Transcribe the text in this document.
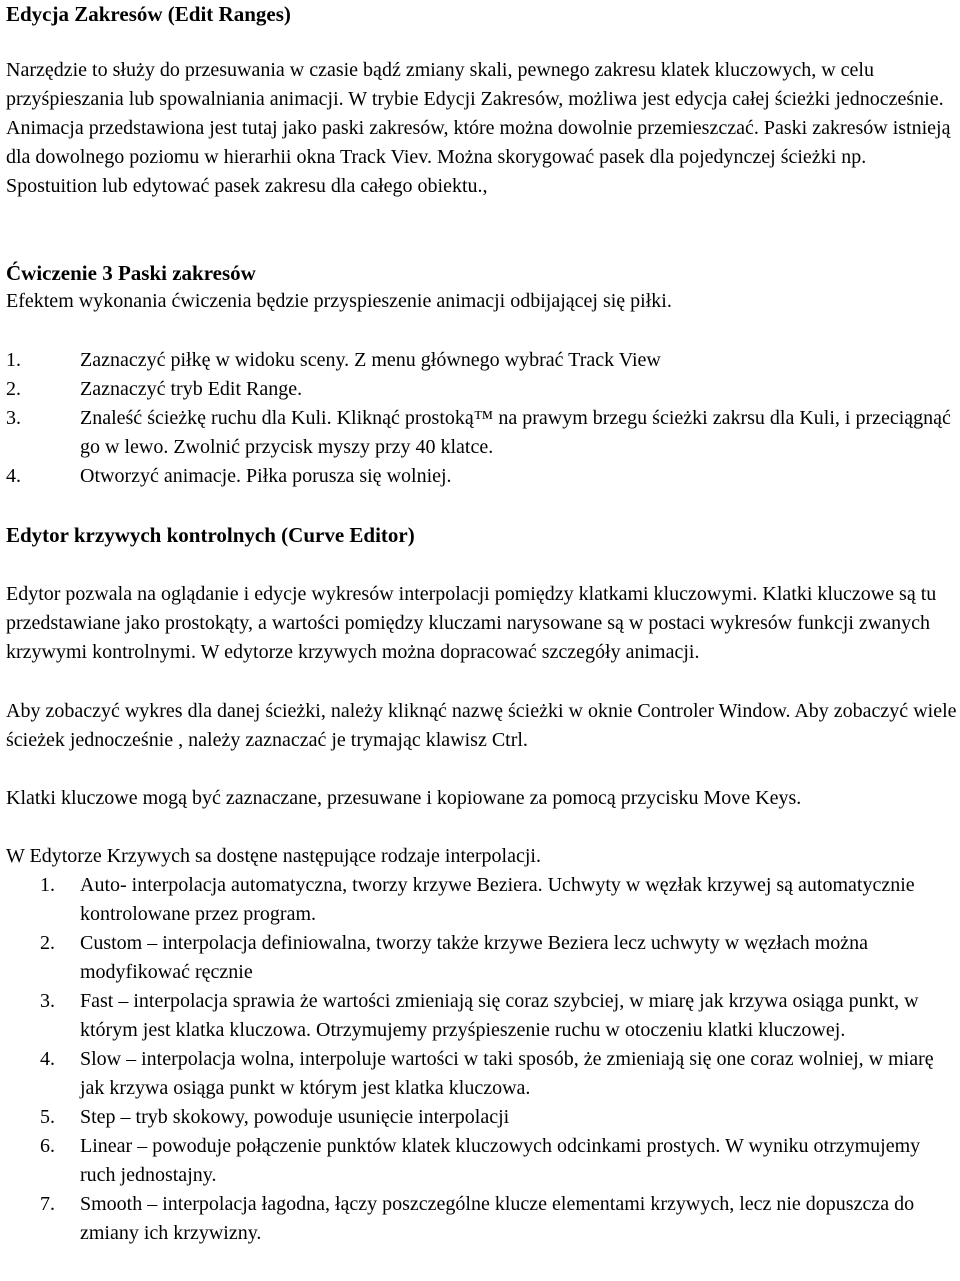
Edycja Zakresów (Edit Ranges)

Narzędzie to służy do przesuwania w czasie bądź zmiany skali, pewnego zakresu klatek kluczowych, w celu przyśpieszania lub spowalniania animacji. W trybie Edycji Zakresów, możliwa jest edycja całej ścieżki jednocześnie. Animacja przedstawiona jest tutaj jako paski zakresów, które można dowolnie przemieszczać. Paski zakresów istnieją dla dowolnego poziomu w hierarhii okna Track Viev. Można skorygować pasek dla pojedynczej ścieżki np. Spostuition lub edytować pasek zakresu dla całego obiektu.,

Ćwiczenie 3 Paski zakresów

Efektem wykonania ćwiczenia będzie przyspieszenie animacji odbijającej się piłki.

1.	Zaznaczyć piłkę w widoku sceny. Z menu głównego wybrać Track View
2.	Zaznaczyć tryb Edit Range.
3.	Znaleść ścieżkę ruchu dla Kuli. Kliknąć prostoką™ na prawym brzegu ścieżki zakrsu dla Kuli, i przeciągnąć go w lewo. Zwolnić przycisk myszy przy 40 klatce.
4.	Otworzyć animacje. Piłka porusza się wolniej.
Edytor krzywych kontrolnych (Curve Editor)

Edytor pozwala na oglądanie i edycje wykresów interpolacji pomiędzy klatkami kluczowymi. Klatki kluczowe są tu przedstawiane jako prostokąty, a wartości pomiędzy kluczami narysowane są w postaci wykresów funkcji zwanych krzywymi kontrolnymi. W edytorze krzywych można dopracować szczegóły animacji.

Aby zobaczyć wykres dla danej ścieżki, należy kliknąć nazwę ścieżki w oknie Controler Window. Aby zobaczyć wiele ścieżek jednocześnie , należy zaznaczać je trymając klawisz Ctrl.

Klatki kluczowe mogą być zaznaczane, przesuwane i kopiowane za pomocą przycisku Move Keys.

W Edytorze Krzywych sa dostęne następujące rodzaje interpolacji.

1.	Auto- interpolacja automatyczna, tworzy krzywe Beziera. Uchwyty w węzłak krzywej są automatycznie kontrolowane przez program.
2.	Custom – interpolacja definiowalna, tworzy także krzywe Beziera lecz uchwyty w węzłach można modyfikować ręcznie
3.	Fast – interpolacja sprawia że wartości zmieniają się coraz szybciej, w miarę jak krzywa osiąga punkt, w którym jest klatka kluczowa. Otrzymujemy przyśpieszenie ruchu w otoczeniu klatki kluczowej.
4.	Slow – interpolacja wolna, interpoluje wartości w taki sposób, że zmieniają się one coraz wolniej, w miarę jak krzywa osiąga punkt w którym jest klatka kluczowa.
5.	Step – tryb skokowy, powoduje usunięcie interpolacji
6.	Linear – powoduje połączenie punktów klatek kluczowych odcinkami prostych. W wyniku otrzymujemy ruch jednostajny.
7.	Smooth – interpolacja łagodna, łączy poszczególne klucze elementami krzywych, lecz nie dopuszcza do zmiany ich krzywizny.
